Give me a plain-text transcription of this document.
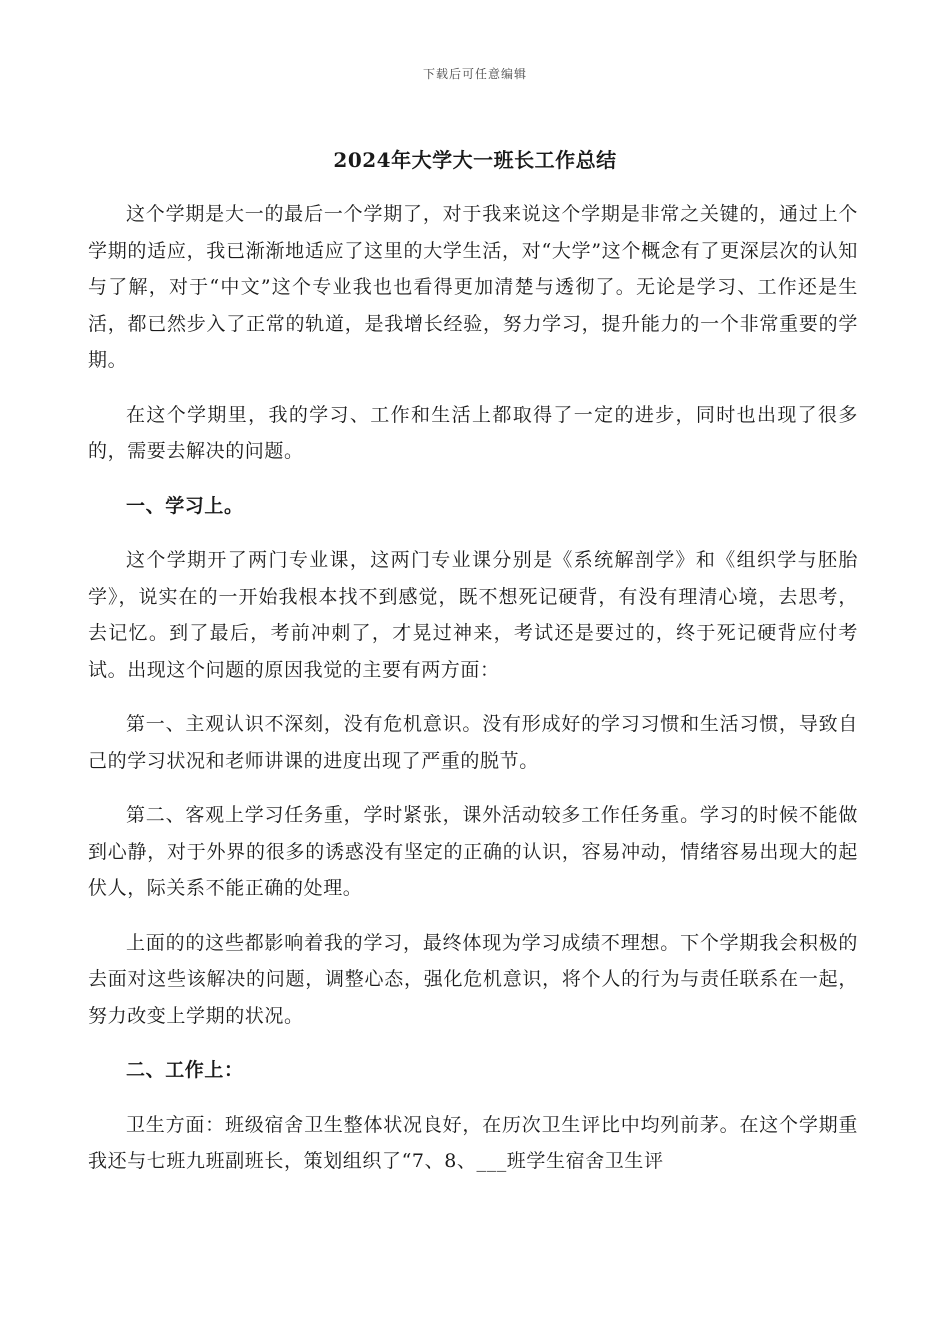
下载后可任意编辑
2024年大学大一班长工作总结

这个学期是大一的最后一个学期了，对于我来说这个学期是非常之关键的，通过上个学期的适应，我已渐渐地适应了这里的大学生活，对“大学”这个概念有了更深层次的认知与了解，对于“中文”这个专业我也也看得更加清楚与透彻了。无论是学习、工作还是生活，都已然步入了正常的轨道，是我增长经验，努力学习，提升能力的一个非常重要的学期。

在这个学期里，我的学习、工作和生活上都取得了一定的进步，同时也出现了很多的，需要去解决的问题。

一、学习上。

这个学期开了两门专业课，这两门专业课分别是《系统解剖学》和《组织学与胚胎学》，说实在的一开始我根本找不到感觉，既不想死记硬背，有没有理清心境，去思考，去记忆。到了最后，考前冲刺了，才晃过神来，考试还是要过的，终于死记硬背应付考试。出现这个问题的原因我觉的主要有两方面：

第一、主观认识不深刻，没有危机意识。没有形成好的学习习惯和生活习惯，导致自己的学习状况和老师讲课的进度出现了严重的脱节。

第二、客观上学习任务重，学时紧张，课外活动较多工作任务重。学习的时候不能做到心静，对于外界的很多的诱惑没有坚定的正确的认识，容易冲动，情绪容易出现大的起伏人，际关系不能正确的处理。

上面的的这些都影响着我的学习，最终体现为学习成绩不理想。下个学期我会积极的去面对这些该解决的问题，调整心态，强化危机意识，将个人的行为与责任联系在一起，努力改变上学期的状况。

二、工作上：

卫生方面：班级宿舍卫生整体状况良好，在历次卫生评比中均列前茅。在这个学期重我还与七班九班副班长，策划组织了“7、8、___班学生宿舍卫生评
